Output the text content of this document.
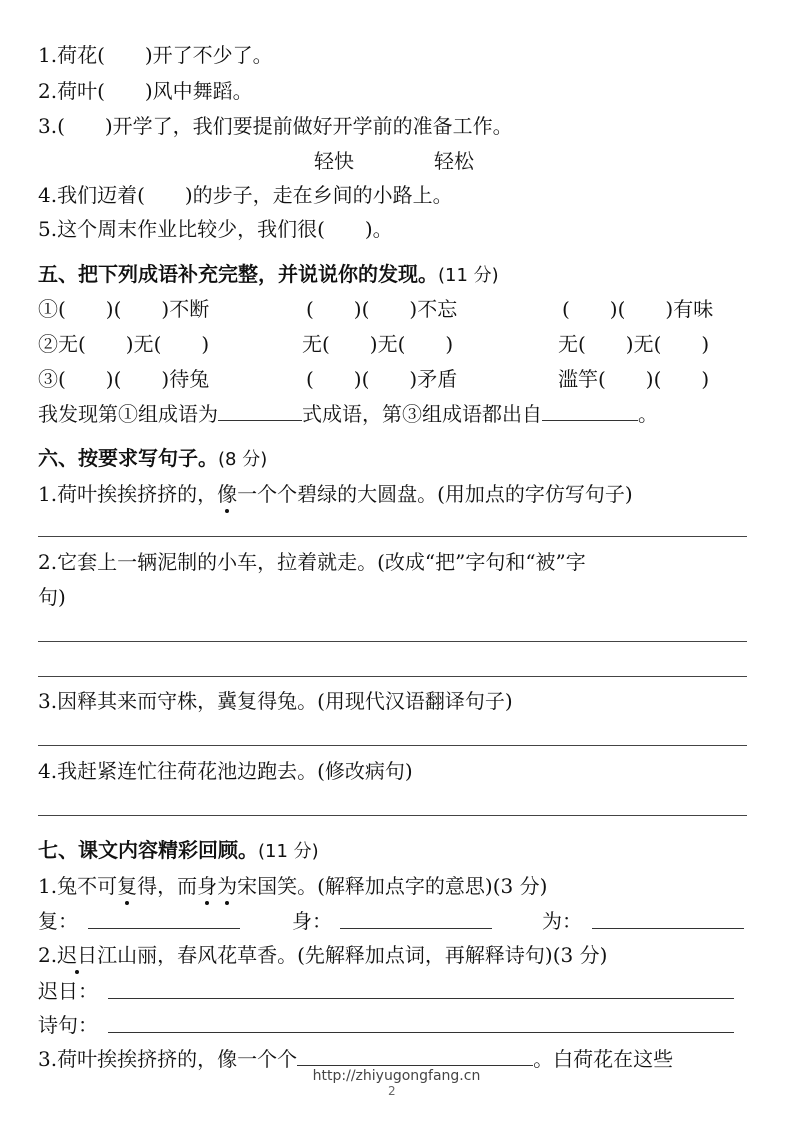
1.荷花(　　)开了不少了。
2.荷叶(　　)风中舞蹈。
3.(　　)开学了，我们要提前做好开学前的准备工作。
轻快	轻松
4.我们迈着(　　)的步子，走在乡间的小路上。
5.这个周末作业比较少，我们很(　　)。
五、把下列成语补充完整，并说说你的发现。(11 分)
①(　　)(　　)不断	(　　)(　　)不忘	(　　)(　　)有味
②无(　　)无(　　)	无(　　)无(　　)	无(　　)无(　　)
③(　　)(　　)待兔	(　　)(　　)矛盾	滥竽(　　)(　　)
我发现第①组成语为	式成语，第③组成语都出自	。
六、按要求写句子。(8 分)
1.荷叶挨挨挤挤的，像一个个碧绿的大圆盘。(用加点的字仿写句子)
2.它套上一辆泥制的小车，拉着就走。(改成“把”字句和“被”字
句)
3.因释其来而守株，冀复得兔。(用现代汉语翻译句子)
4.我赶紧连忙往荷花池边跑去。(修改病句)
七、课文内容精彩回顾。(11 分)
1.兔不可复得，而身为宋国笑。(解释加点字的意思)(3 分)
复：	身：	为：
2.迟日江山丽，春风花草香。(先解释加点词，再解释诗句)(3 分)
迟日：
诗句：
3.荷叶挨挨挤挤的，像一个个	。白荷花在这些
http://zhiyugongfang.cn
2
